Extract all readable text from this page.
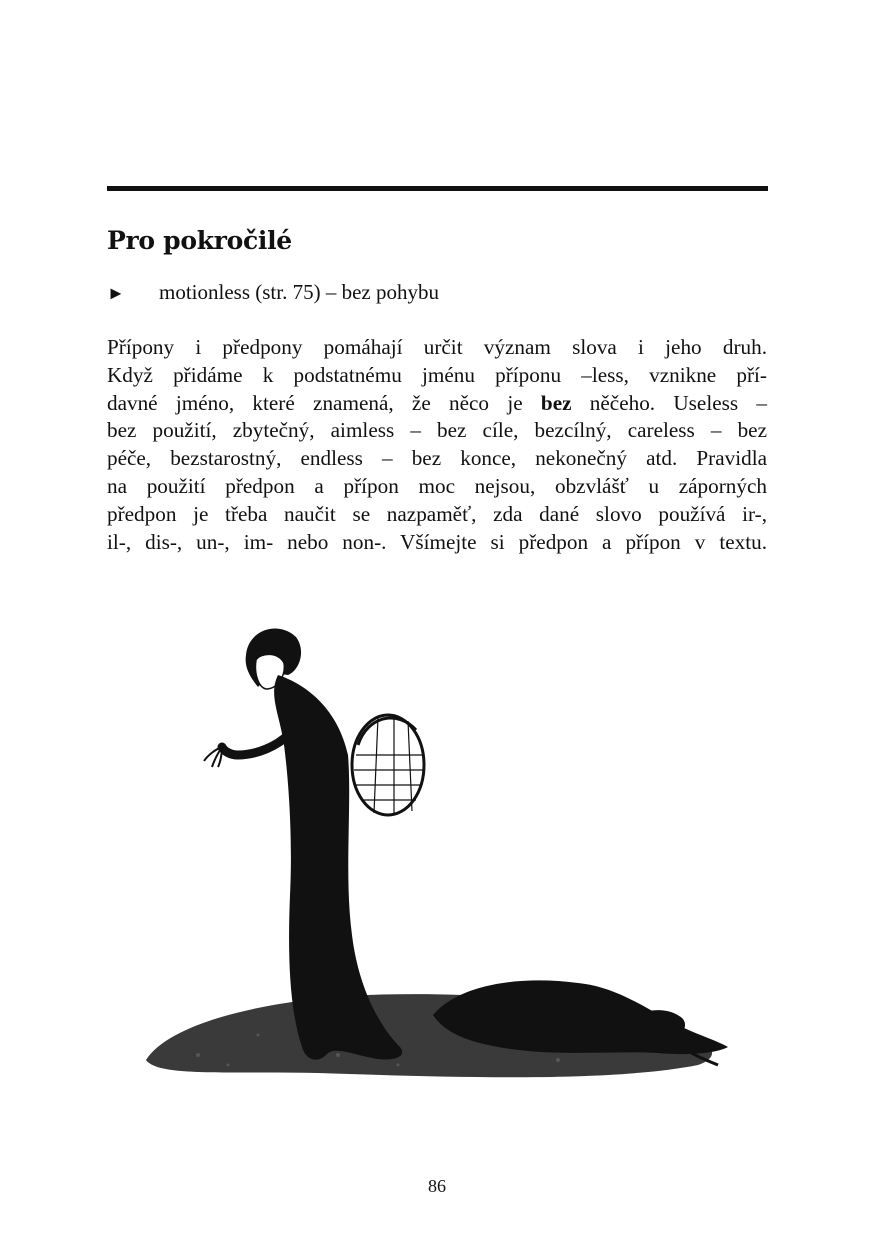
Pro pokročilé
►	motionless (str. 75) – bez pohybu

Přípony i předpony pomáhají určit význam slova i jeho druh.
Když přidáme k podstatnému jménu příponu –less, vznikne pří-
davné jméno, které znamená, že něco je bez něčeho. Useless –
bez použití, zbytečný, aimless – bez cíle, bezcílný, careless – bez
péče, bezstarostný, endless – bez konce, nekonečný atd. Pravidla
na použití předpon a přípon moc nejsou, obzvlášť u záporných
předpon je třeba naučit se nazpaměť, zda dané slovo používá ir-,
il-, dis-, un-, im- nebo non-. Všímejte si předpon a přípon v textu.

86
